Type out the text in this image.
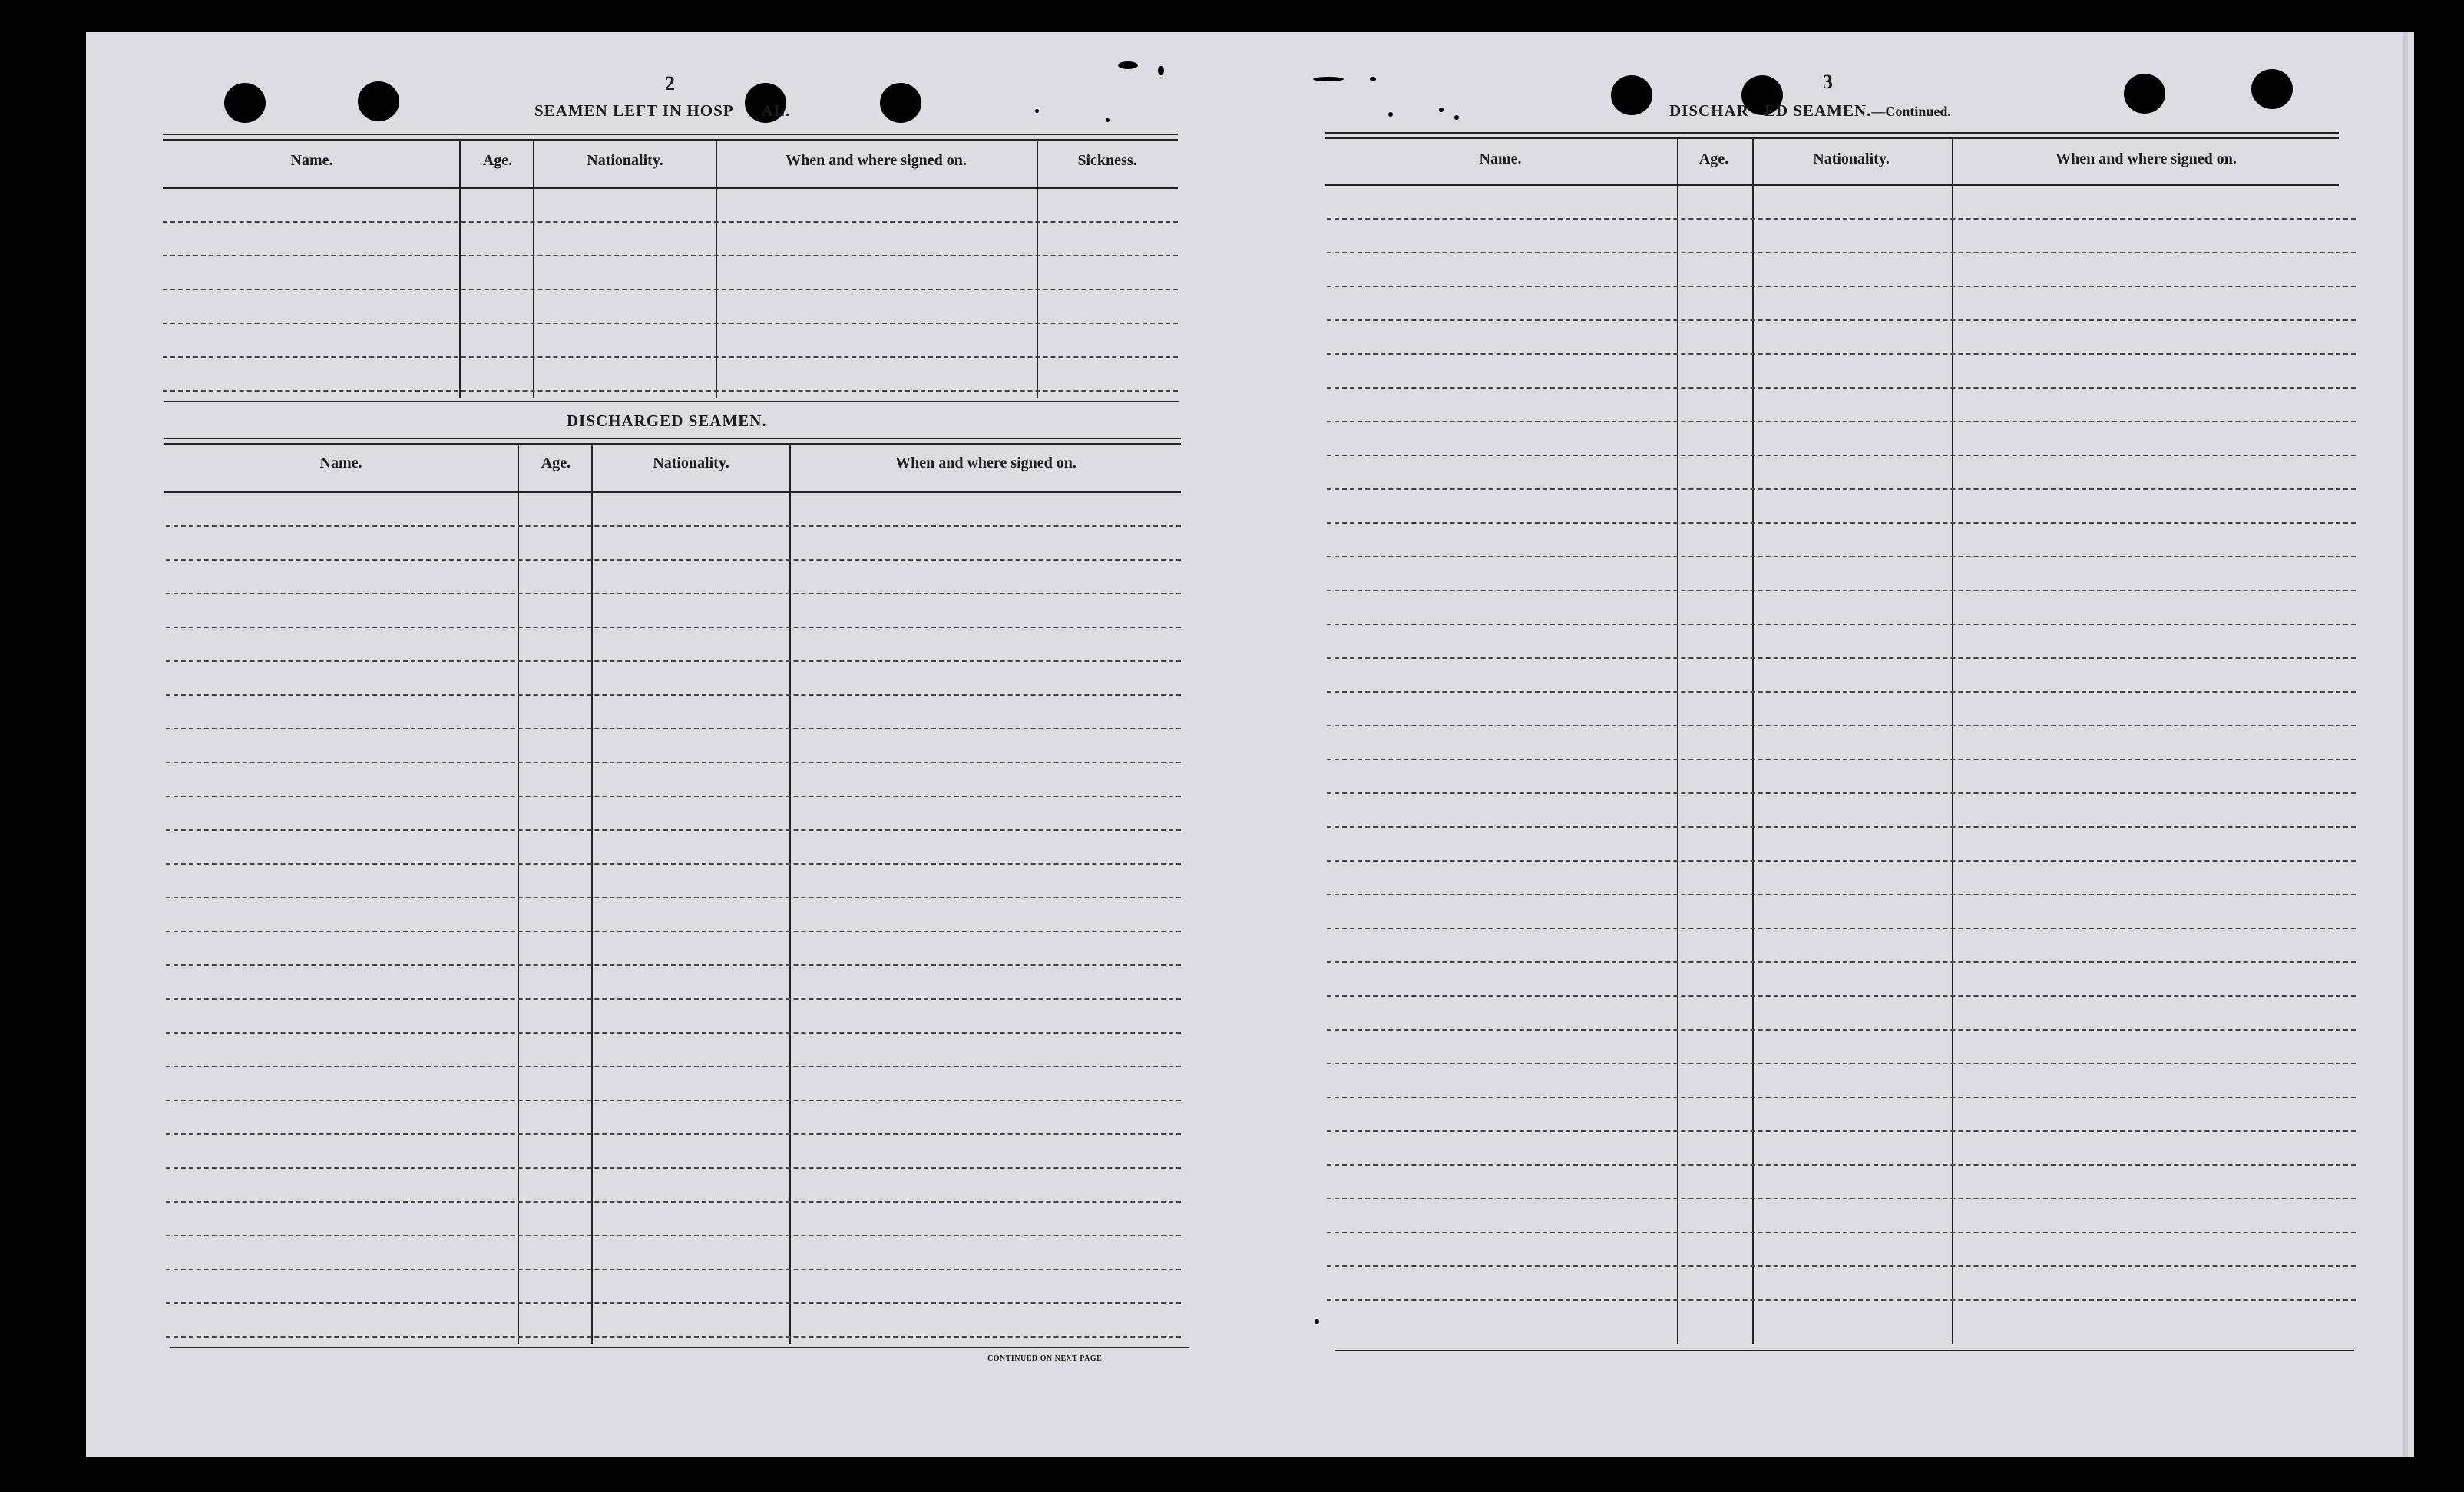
2
SEAMEN LEFT IN HOSP AL.
Name.	Age.	Nationality.	When and where signed on.	Sickness.
DISCHARGED SEAMEN.
Name.	Age.	Nationality.	When and where signed on.
CONTINUED ON NEXT PAGE.
3
DISCHAR ED SEAMEN.—Continued.
Name.	Age.	Nationality.	When and where signed on.
